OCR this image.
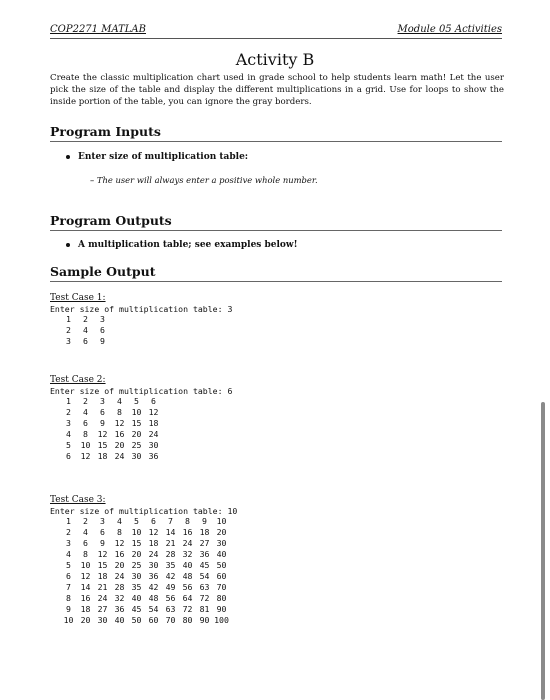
COP2271 MATLAB	Module 05 Activities
Activity B
Create the classic multiplication chart used in grade school to help students learn math! Let the user pick the size of the table and display the different multiplications in a grid. Use for loops to show the inside portion of the table, you can ignore the gray borders.
Program Inputs
Enter size of multiplication table:
– The user will always enter a positive whole number.
Program Outputs
A multiplication table; see examples below!
Sample Output
Test Case 1:
Enter size of multiplication table: 3
1	2	3
2	4	6
3	6	9
Test Case 2:
Enter size of multiplication table: 6
1	2	3	4	5	6
2	4	6	8	10	12
3	6	9	12	15	18
4	8	12	16	20	24
5	10	15	20	25	30
6	12	18	24	30	36
Test Case 3:
Enter size of multiplication table: 10
1	2	3	4	5	6	7	8	9	10
2	4	6	8	10	12	14	16	18	20
3	6	9	12	15	18	21	24	27	30
4	8	12	16	20	24	28	32	36	40
5	10	15	20	25	30	35	40	45	50
6	12	18	24	30	36	42	48	54	60
7	14	21	28	35	42	49	56	63	70
8	16	24	32	40	48	56	64	72	80
9	18	27	36	45	54	63	72	81	90
10	20	30	40	50	60	70	80	90	100
